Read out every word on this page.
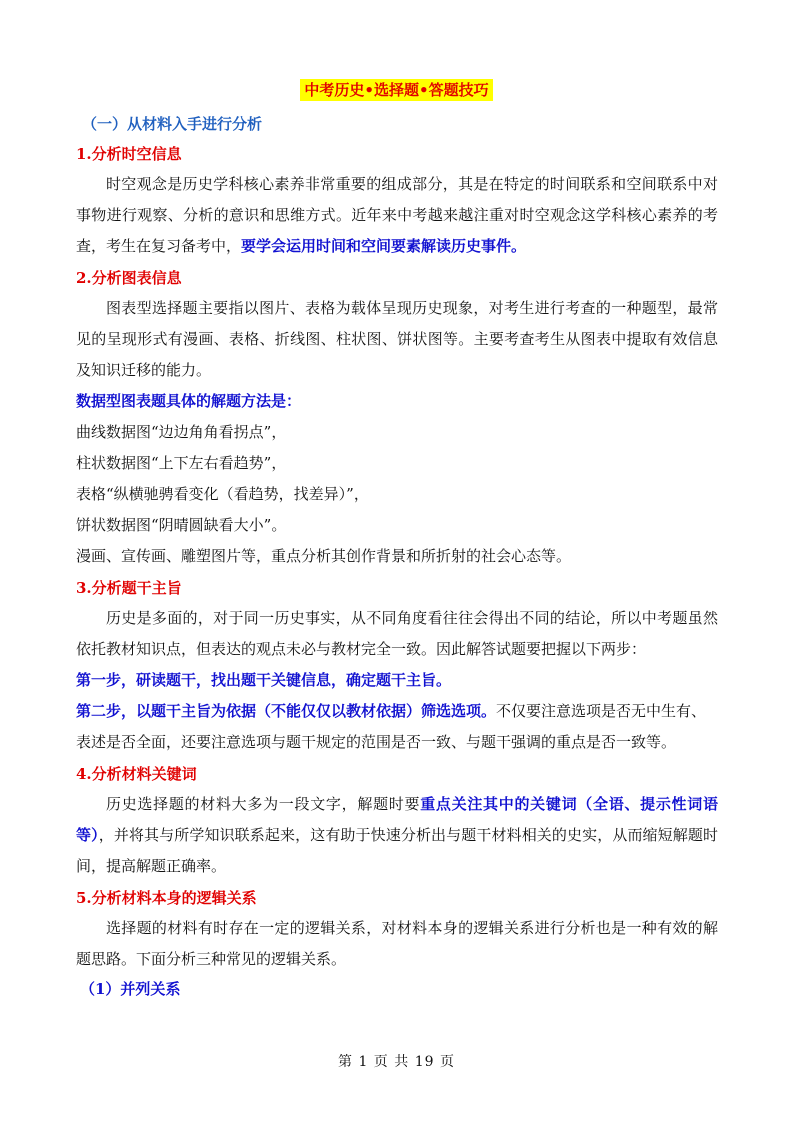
中考历史•选择题•答题技巧
（一）从材料入手进行分析
1.分析时空信息

时空观念是历史学科核心素养非常重要的组成部分，其是在特定的时间联系和空间联系中对事物进行观察、分析的意识和思维方式。近年来中考越来越注重对时空观念这学科核心素养的考查，考生在复习备考中，要学会运用时间和空间要素解读历史事件。

2.分析图表信息

图表型选择题主要指以图片、表格为载体呈现历史现象，对考生进行考查的一种题型，最常见的呈现形式有漫画、表格、折线图、柱状图、饼状图等。主要考查考生从图表中提取有效信息及知识迁移的能力。

数据型图表题具体的解题方法是：
曲线数据图“边边角角看拐点”，
柱状数据图“上下左右看趋势”，
表格“纵横驰骋看变化（看趋势，找差异）”，
饼状数据图“阴晴圆缺看大小”。
漫画、宣传画、雕塑图片等，重点分析其创作背景和所折射的社会心态等。
3.分析题干主旨

历史是多面的，对于同一历史事实，从不同角度看往往会得出不同的结论，所以中考题虽然依托教材知识点，但表达的观点未必与教材完全一致。因此解答试题要把握以下两步：

第一步，研读题干，找出题干关键信息，确定题干主旨。

第二步，以题干主旨为依据（不能仅仅以教材依据）筛选选项。不仅要注意选项是否无中生有、表述是否全面，还要注意选项与题干规定的范围是否一致、与题干强调的重点是否一致等。

4.分析材料关键词

历史选择题的材料大多为一段文字，解题时要重点关注其中的关键词（全语、提示性词语等），并将其与所学知识联系起来，这有助于快速分析出与题干材料相关的史实，从而缩短解题时间，提高解题正确率。

5.分析材料本身的逻辑关系

选择题的材料有时存在一定的逻辑关系，对材料本身的逻辑关系进行分析也是一种有效的解题思路。下面分析三种常见的逻辑关系。

（1）并列关系
第 1 页 共 19 页
